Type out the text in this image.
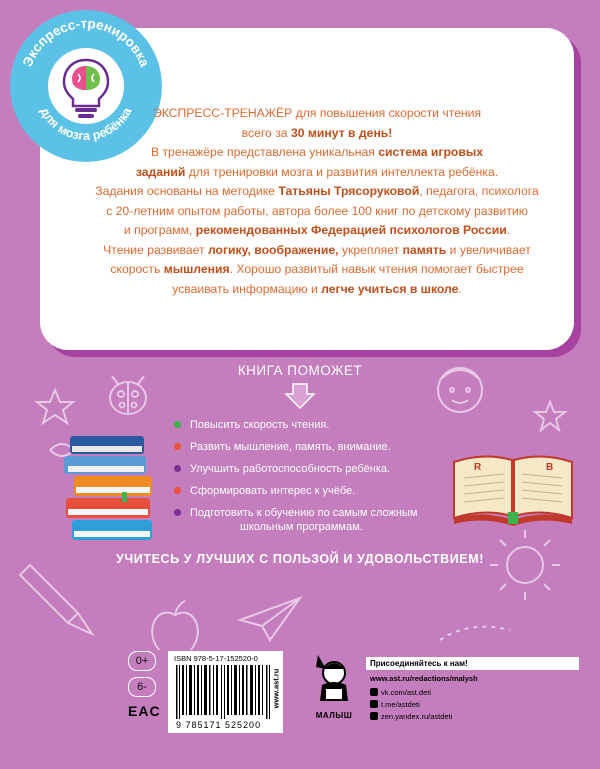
Экспресс-тренировка
для мозга ребёнка	ЭКСПРЕСС-ТРЕНАЖЁР для повышения скорости чтения

всего за 30 минут в день!

В тренажёре представлена уникальная система игровых

заданий для тренировки мозга и развития интеллекта ребёнка.

Задания основаны на методике Татьяны Трясоруковой, педагога, психолога

с 20-летним опытом работы, автора более 100 книг по детскому развитию

и программ, рекомендованных Федерацией психологов России.

Чтение развивает логику, воображение, укрепляет память и увеличивает

скорость мышления. Хорошо развитый навык чтения помогает быстрее

усваивать информацию и легче учиться в школе.

КНИГА ПОМОЖЕТ
Повысить скорость чтения.
Развить мышление, память, внимание.
Улучшить работоспособность ребёнка.
Сформировать интерес к учёбе.
Подготовить к обучению по самым сложным
школьным программам.
R	B
УЧИТЕСЬ У ЛУЧШИХ С ПОЛЬЗОЙ И УДОВОЛЬСТВИЕМ!
0+
6-
EAC
ISBN 978-5-17-152520-0
9 785171 525200
www.ast.ru
МАЛЫШ
Присоединяйтесь к нам!
www.ast.ru/redactions/malysh
vk.com/ast.deti
t.me/astdeti
zen.yandex.ru/astdeti
